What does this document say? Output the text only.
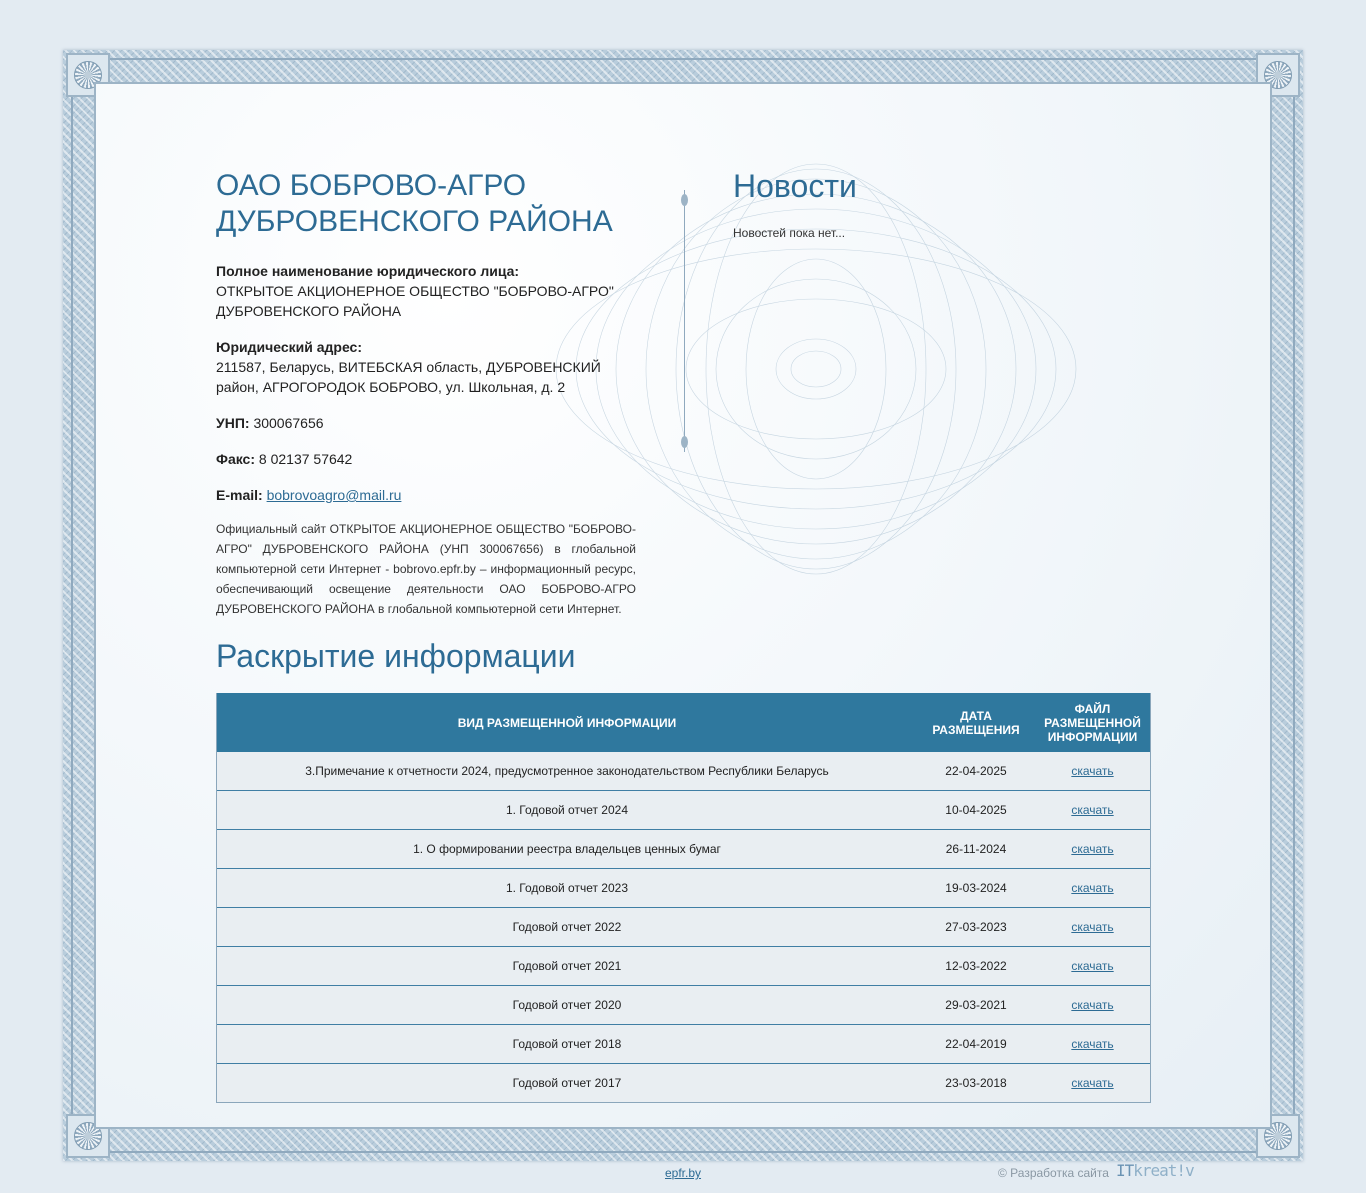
ОАО БОБРОВО-АГРО ДУБРОВЕНСКОГО РАЙОНА
Полное наименование юридического лица:
ОТКРЫТОЕ АКЦИОНЕРНОЕ ОБЩЕСТВО "БОБРОВО-АГРО" ДУБРОВЕНСКОГО РАЙОНА
Юридический адрес:
211587, Беларусь, ВИТЕБСКАЯ область, ДУБРОВЕНСКИЙ район, АГРОГОРОДОК БОБРОВО, ул. Школьная, д. 2
УНП: 300067656
Факс: 8 02137 57642
E-mail: bobrovoagro@mail.ru
Официальный сайт ОТКРЫТОЕ АКЦИОНЕРНОЕ ОБЩЕСТВО "БОБРОВО-АГРО" ДУБРОВЕНСКОГО РАЙОНА (УНП 300067656) в глобальной компьютерной сети Интернет - bobrovo.epfr.by – информационный ресурс, обеспечивающий освещение деятельности ОАО БОБРОВО-АГРО ДУБРОВЕНСКОГО РАЙОНА в глобальной компьютерной сети Интернет.
Новости
Новостей пока нет...
Раскрытие информации
ВИД РАЗМЕЩЕННОЙ ИНФОРМАЦИИ	ДАТА РАЗМЕЩЕНИЯ	ФАЙЛ РАЗМЕЩЕННОЙ ИНФОРМАЦИИ
3.Примечание к отчетности 2024, предусмотренное законодательством Республики Беларусь	22-04-2025	скачать
1. Годовой отчет 2024	10-04-2025	скачать
1. О формировании реестра владельцев ценных бумаг	26-11-2024	скачать
1. Годовой отчет 2023	19-03-2024	скачать
Годовой отчет 2022	27-03-2023	скачать
Годовой отчет 2021	12-03-2022	скачать
Годовой отчет 2020	29-03-2021	скачать
Годовой отчет 2018	22-04-2019	скачать
Годовой отчет 2017	23-03-2018	скачать
epfr.by	© Разработка сайта ITkreat!v
